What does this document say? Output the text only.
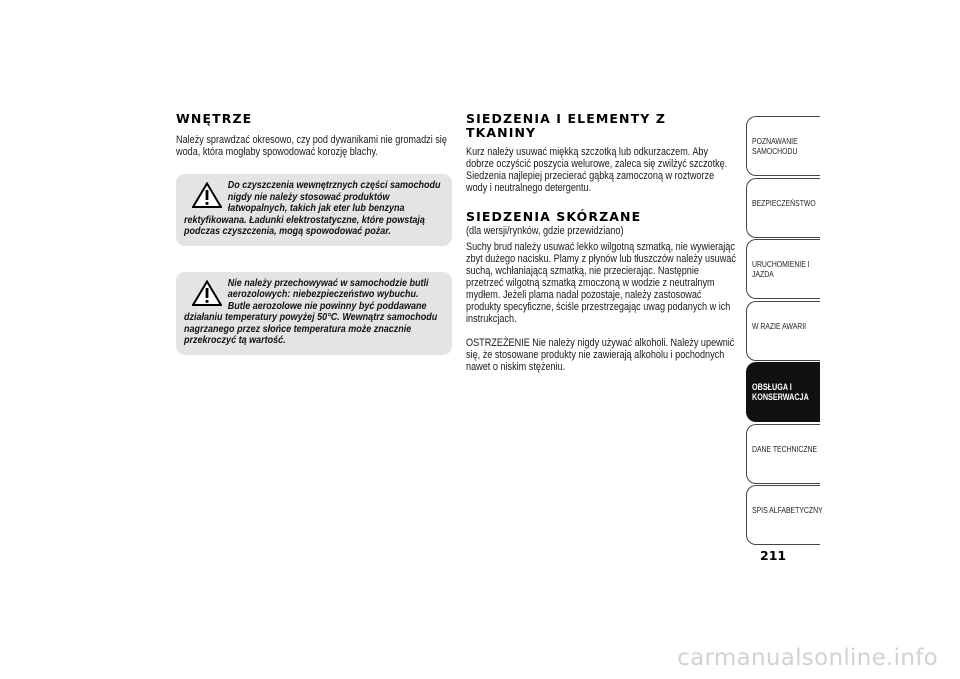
WNĘTRZE

Należy sprawdzać okresowo, czy pod dywanikami nie gromadzi się woda, która mogłaby spowodować korozję blachy.

Do czyszczenia wewnętrznych części samochodu nigdy nie należy stosować produktów łatwopalnych, takich jak eter lub benzyna rektyfikowana. Ładunki elektrostatyczne, które powstają podczas czyszczenia, mogą spowodować pożar.

Nie należy przechowywać w samochodzie butli aerozolowych: niebezpieczeństwo wybuchu. Butle aerozolowe nie powinny być poddawane działaniu temperatury powyżej 50°C. Wewnątrz samochodu nagrzanego przez słońce temperatura może znacznie przekroczyć tą wartość.

SIEDZENIA I ELEMENTY Z TKANINY

Kurz należy usuwać miękką szczotką lub odkurzaczem. Aby dobrze oczyścić poszycia welurowe, zaleca się zwilżyć szczotkę. Siedzenia najlepiej przecierać gąbką zamoczoną w roztworze wody i neutralnego detergentu.

SIEDZENIA SKÓRZANE

(dla wersji/rynków, gdzie przewidziano)

Suchy brud należy usuwać lekko wilgotną szmatką, nie wywierając zbyt dużego nacisku. Plamy z płynów lub tłuszczów należy usuwać suchą, wchłaniającą szmatką, nie przecierając. Następnie przetrzeć wilgotną szmatką zmoczoną w wodzie z neutralnym mydłem. Jeżeli plama nadal pozostaje, należy zastosować produkty specyficzne, ściśle przestrzegając uwag podanych w ich instrukcjach.

OSTRZEŻENIE Nie należy nigdy używać alkoholi. Należy upewnić się, że stosowane produkty nie zawierają alkoholu i pochodnych nawet o niskim stężeniu.

POZNAWANIE SAMOCHODU
BEZPIECZEŃSTWO
URUCHOMIENIE I JAZDA
W RAZIE AWARII
OBSŁUGA I KONSERWACJA
DANE TECHNICZNE
SPIS ALFABETYCZNY
211
carmanualsonline.info
